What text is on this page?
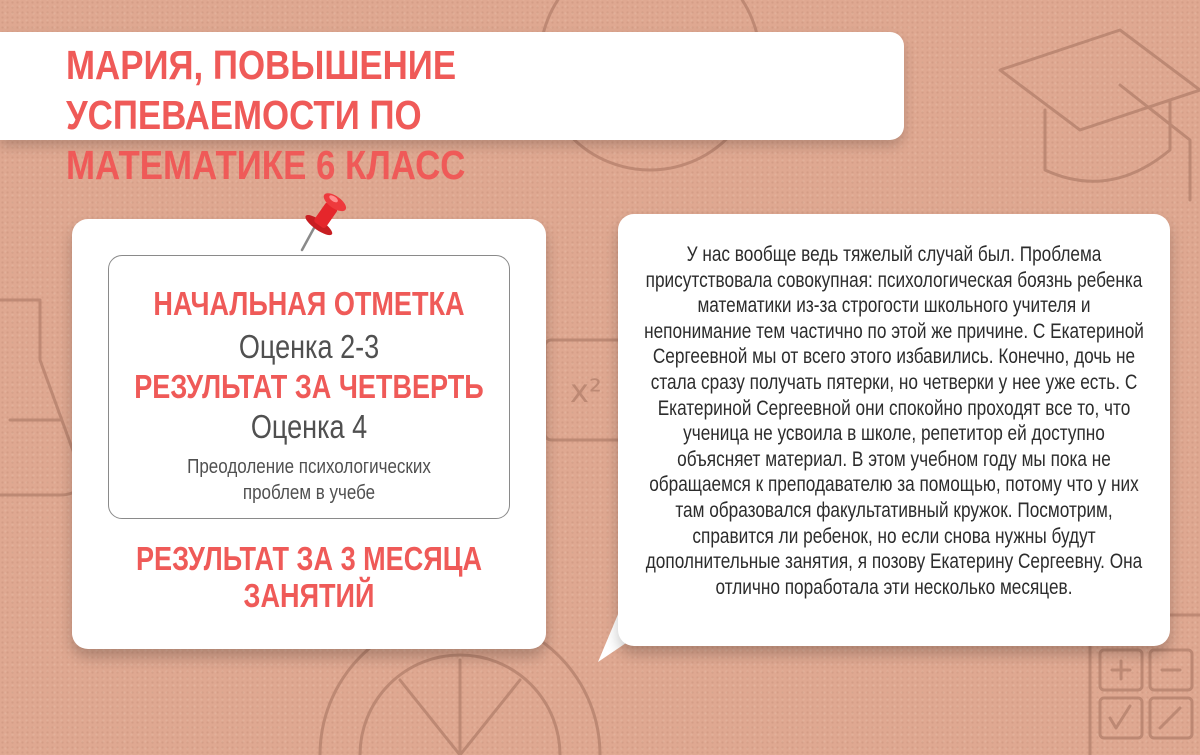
x²
МАРИЯ, ПОВЫШЕНИЕ УСПЕВАЕМОСТИ ПО
МАТЕМАТИКЕ 6 КЛАСС
НАЧАЛЬНАЯ ОТМЕТКА
Оценка 2-3
РЕЗУЛЬТАТ ЗА ЧЕТВЕРТЬ
Оценка 4
Преодоление психологических
проблем в учебе
РЕЗУЛЬТАТ ЗА 3 МЕСЯЦА
ЗАНЯТИЙ
У нас вообще ведь тяжелый случай был. Проблема
присутствовала совокупная: психологическая боязнь ребенка
математики из-за строгости школьного учителя и
непонимание тем частично по этой же причине. С Екатериной
Сергеевной мы от всего этого избавились. Конечно, дочь не
стала сразу получать пятерки, но четверки у нее уже есть. С
Екатериной Сергеевной они спокойно проходят все то, что
ученица не усвоила в школе, репетитор ей доступно
объясняет материал. В этом учебном году мы пока не
обращаемся к преподавателю за помощью, потому что у них
там образовался факультативный кружок. Посмотрим,
справится ли ребенок, но если снова нужны будут
дополнительные занятия, я позову Екатерину Сергеевну. Она
отлично поработала эти несколько месяцев.
